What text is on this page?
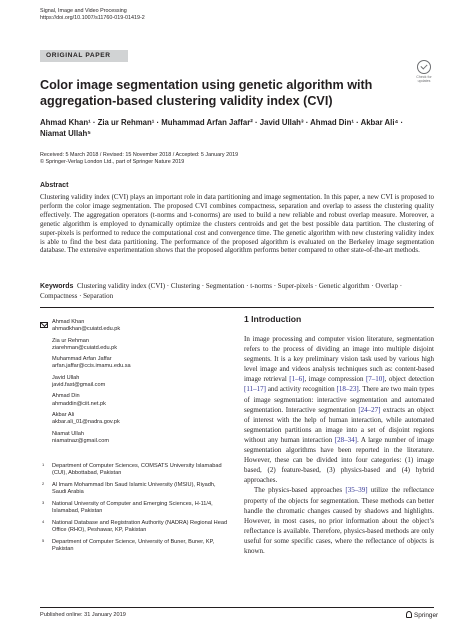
Signal, Image and Video Processing
https://doi.org/10.1007/s11760-019-01419-2
ORIGINAL PAPER
Check for
updates
Color image segmentation using genetic algorithm with aggregation-based clustering validity index (CVI)
Ahmad Khan¹ · Zia ur Rehman¹ · Muhammad Arfan Jaffar² · Javid Ullah³ · Ahmad Din¹ · Akbar Ali⁴ ·
Niamat Ullah⁵
Received: 5 March 2018 / Revised: 15 November 2018 / Accepted: 5 January 2019
© Springer-Verlag London Ltd., part of Springer Nature 2019
Abstract

Clustering validity index (CVI) plays an important role in data partitioning and image segmentation. In this paper, a new CVI is proposed to perform the color image segmentation. The proposed CVI combines compactness, separation and overlap to assess the clustering quality effectively. The aggregation operators (t-norms and t-conorms) are used to build a new reliable and robust overlap measure. Moreover, a genetic algorithm is employed to dynamically optimize the clusters centroids and get the best possible data partition. The clustering of super-pixels is performed to reduce the computational cost and convergence time. The genetic algorithm with new clustering validity index is able to find the best data partitioning. The performance of the proposed algorithm is evaluated on the Berkeley image segmentation database. The extensive experimentation shows that the proposed algorithm performs better compared to other state-of-the-art methods.

Keywords Clustering validity index (CVI) · Clustering · Segmentation · t-norms · Super-pixels · Genetic algorithm · Overlap · Compactness · Separation
Ahmad Khan
ahmadkhan@cuiatd.edu.pk
Zia ur Rehman
ziarehman@cuiatd.edu.pk
Muhammad Arfan Jaffar
arfan.jaffar@ccis.imamu.edu.sa
Javid Ullah
javid.fast@gmail.com
Ahmad Din
ahmaddin@ciit.net.pk
Akbar Ali
akbar.ali_01@nadra.gov.pk
Niamat Ullah
niamatnaz@gmail.com
1 Department of Computer Sciences, COMSATS University Islamabad (CUI), Abbottabad, Pakistan
2 Al Imam Mohammad Ibn Saud Islamic University (IMSIU), Riyadh, Saudi Arabia
3 National University of Computer and Emerging Sciences, H-11/4, Islamabad, Pakistan
4 National Database and Registration Authority (NADRA) Regional Head Office (RHO), Peshawar, KP, Pakistan
5 Department of Computer Science, University of Buner, Buner, KP, Pakistan
1 Introduction

In image processing and computer vision literature, segmentation refers to the process of dividing an image into multiple disjoint segments. It is a key preliminary vision task used by various high level image and videos analysis techniques such as: content-based image retrieval [1–6], image compression [7–10], object detection [11–17] and activity recognition [18–23]. There are two main types of image segmentation: interactive segmentation and automated segmentation. Interactive segmentation [24–27] extracts an object of interest with the help of human interaction, while automated segmentation partitions an image into a set of disjoint regions without any human interaction [28–34]. A large number of image segmentation algorithms have been reported in the literature. However, these can be divided into four categories: (1) image based, (2) feature-based, (3) physics-based and (4) hybrid approaches.

The physics-based approaches [35–39] utilize the reflectance property of the objects for segmentation. These methods can better handle the chromatic changes caused by shadows and highlights. However, in most cases, no prior information about the object’s reflectance is available. Therefore, physics-based methods are only useful for some specific cases, where the reflectance of objects is known.

Published online: 31 January 2019	Springer
